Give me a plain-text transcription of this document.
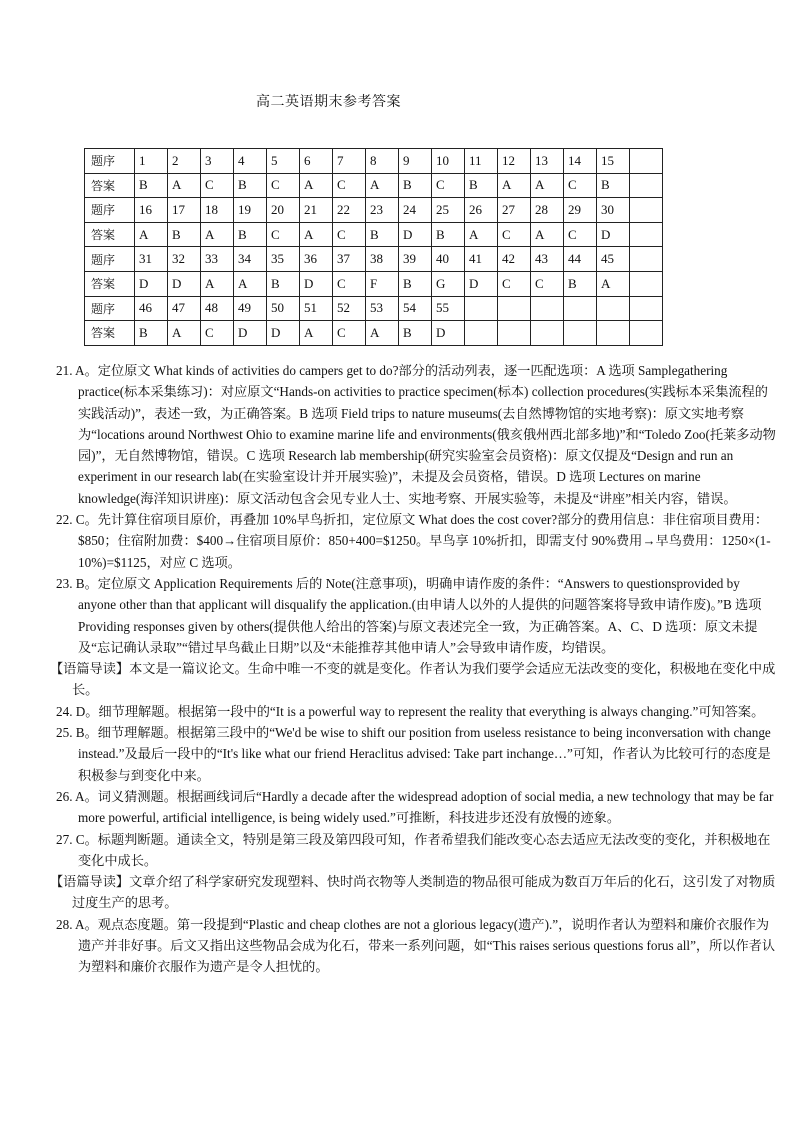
高二英语期末参考答案
题序	1	2	3	4	5	6	7	8	9	10	11	12	13	14	15	
答案	B	A	C	B	C	A	C	A	B	C	B	A	A	C	B	
题序	16	17	18	19	20	21	22	23	24	25	26	27	28	29	30	
答案	A	B	A	B	C	A	C	B	D	B	A	C	A	C	D	
题序	31	32	33	34	35	36	37	38	39	40	41	42	43	44	45	
答案	D	D	A	A	B	D	C	F	B	G	D	C	C	B	A	
题序	46	47	48	49	50	51	52	53	54	55						
答案	B	A	C	D	D	A	C	A	B	D						

21. A。定位原文 What kinds of activities do campers get to do?部分的活动列表，逐一匹配选项：A 选项 Samplegathering practice(标本采集练习)：对应原文“Hands-on activities to practice specimen(标本) collection procedures(实践标本采集流程的实践活动)”，表述一致，为正确答案。B 选项 Field trips to nature museums(去自然博物馆的实地考察)：原文实地考察为“locations around Northwest Ohio to examine marine life and environments(俄亥俄州西北部多地)”和“Toledo Zoo(托莱多动物园)”，无自然博物馆，错误。C 选项 Research lab membership(研究实验室会员资格)：原文仅提及“Design and run an experiment in our research lab(在实验室设计并开展实验)”，未提及会员资格，错误。D 选项 Lectures on marine knowledge(海洋知识讲座)：原文活动包含会见专业人士、实地考察、开展实验等，未提及“讲座”相关内容，错误。

22. C。先计算住宿项目原价，再叠加 10%早鸟折扣，定位原文 What does the cost cover?部分的费用信息：非住宿项目费用：$850；住宿附加费：$400→住宿项目原价：850+400=$1250。早鸟享 10%折扣，即需支付 90%费用→早鸟费用：1250×(1-10%)=$1125，对应 C 选项。

23. B。定位原文 Application Requirements 后的 Note(注意事项)，明确申请作废的条件：“Answers to questionsprovided by anyone other than that applicant will disqualify the application.(由申请人以外的人提供的问题答案将导致申请作废)。”B 选项 Providing responses given by others(提供他人给出的答案)与原文表述完全一致，为正确答案。A、C、D 选项：原文未提及“忘记确认录取”“错过早鸟截止日期”以及“未能推荐其他申请人”会导致申请作废，均错误。

【语篇导读】本文是一篇议论文。生命中唯一不变的就是变化。作者认为我们要学会适应无法改变的变化，积极地在变化中成长。

24. D。细节理解题。根据第一段中的“It is a powerful way to represent the reality that everything is always changing.”可知答案。

25. B。细节理解题。根据第三段中的“We'd be wise to shift our position from useless resistance to being inconversation with change instead.”及最后一段中的“It's like what our friend Heraclitus advised: Take part inchange…”可知，作者认为比较可行的态度是积极参与到变化中来。

26. A。词义猜测题。根据画线词后“Hardly a decade after the widespread adoption of social media, a new technology that may be far more powerful, artificial intelligence, is being widely used.”可推断，科技进步还没有放慢的迹象。

27. C。标题判断题。通读全文，特别是第三段及第四段可知，作者希望我们能改变心态去适应无法改变的变化，并积极地在变化中成长。

【语篇导读】文章介绍了科学家研究发现塑料、快时尚衣物等人类制造的物品很可能成为数百万年后的化石，这引发了对物质过度生产的思考。

28. A。观点态度题。第一段提到“Plastic and cheap clothes are not a glorious legacy(遗产).”，说明作者认为塑料和廉价衣服作为遗产并非好事。后文又指出这些物品会成为化石，带来一系列问题，如“This raises serious questions forus all”，所以作者认为塑料和廉价衣服作为遗产是令人担忧的。
